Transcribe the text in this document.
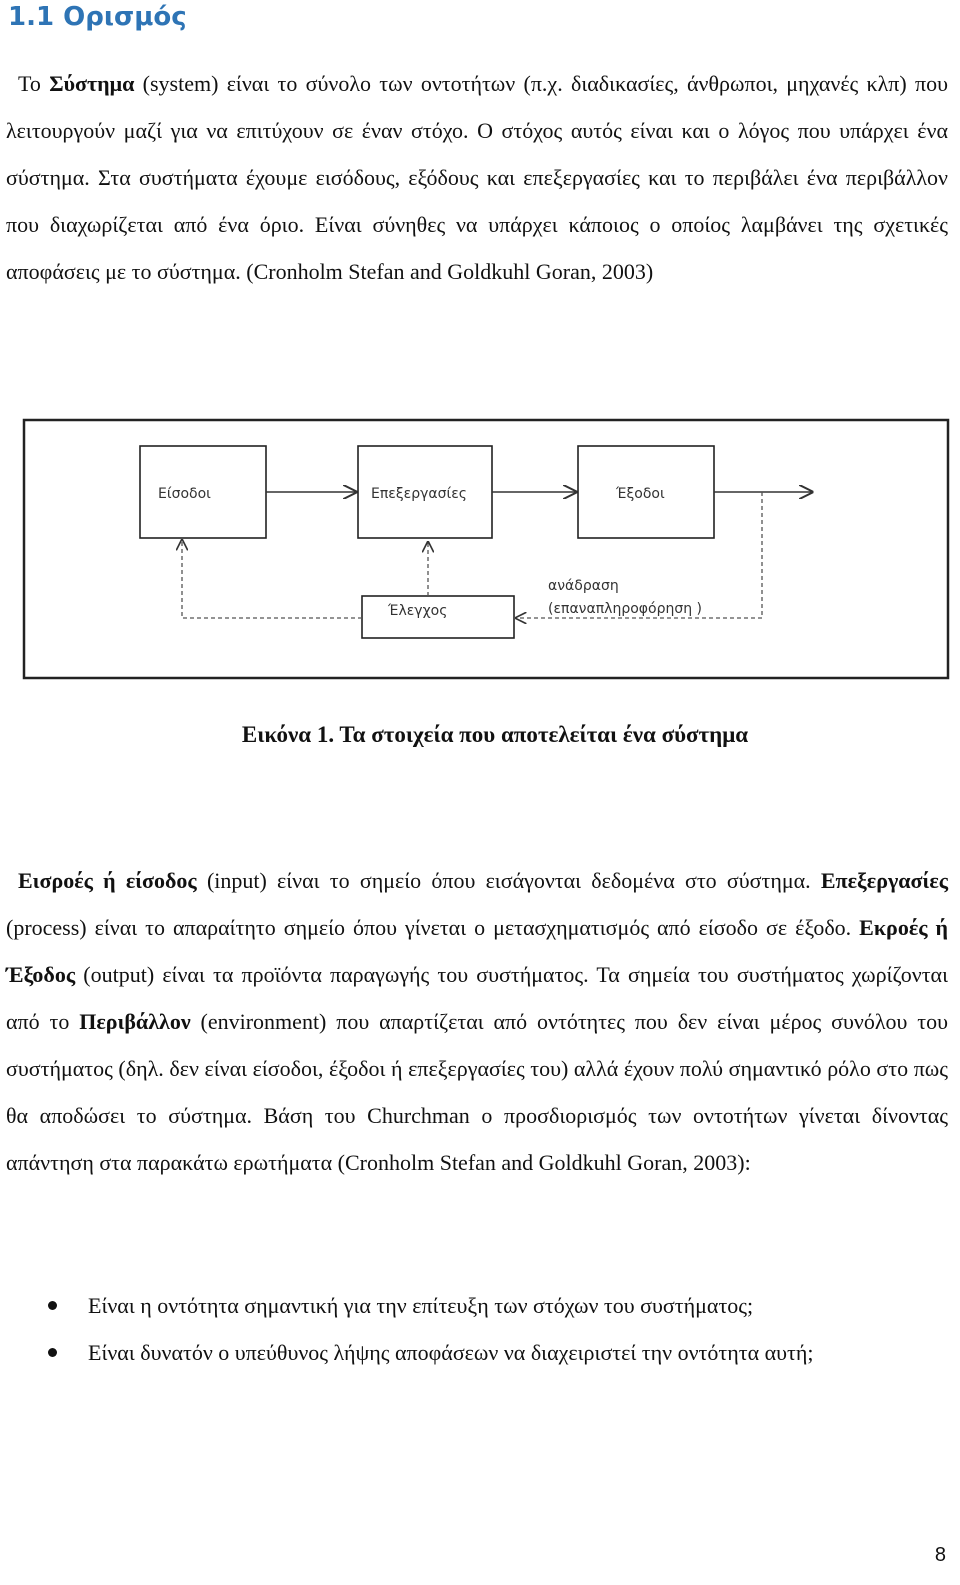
1.1 Ορισμός

Το Σύστημα (system) είναι το σύνολο των οντοτήτων (π.χ. διαδικασίες, άνθρωποι, μηχανές κλπ) που λειτουργούν μαζί για να επιτύχουν σε έναν στόχο. Ο στόχος αυτός είναι και ο λόγος που υπάρχει ένα σύστημα. Στα συστήματα έχουμε εισόδους, εξόδους και επεξεργασίες και το περιβάλει ένα περιβάλλον που διαχωρίζεται από ένα όριο. Είναι σύνηθες να υπάρχει κάποιος ο οποίος λαμβάνει της σχετικές αποφάσεις με το σύστημα. (Cronholm Stefan and Goldkuhl Goran, 2003)

Είσοδοι	Επεξεργασίες	Έξοδοι
Έλεγχος
ανάδραση
(επαναπληροφόρηση )
Εικόνα 1. Τα στοιχεία που αποτελείται ένα σύστημα

Εισροές ή είσοδος (input) είναι το σημείο όπου εισάγονται δεδομένα στο σύστημα. Επεξεργασίες (process) είναι το απαραίτητο σημείο όπου γίνεται ο μετασχηματισμός από είσοδο σε έξοδο. Εκροές ή Έξοδος (output) είναι τα προϊόντα παραγωγής του συστήματος. Τα σημεία του συστήματος χωρίζονται από το Περιβάλλον (environment) που απαρτίζεται από οντότητες που δεν είναι μέρος συνόλου του συστήματος (δηλ. δεν είναι είσοδοι, έξοδοι ή επεξεργασίες του) αλλά έχουν πολύ σημαντικό ρόλο στο πως θα αποδώσει το σύστημα. Βάση του Churchman ο προσδιορισμός των οντοτήτων γίνεται δίνοντας απάντηση στα παρακάτω ερωτήματα (Cronholm Stefan and Goldkuhl Goran, 2003):

Είναι η οντότητα σημαντική για την επίτευξη των στόχων του συστήματος;
Είναι δυνατόν ο υπεύθυνος λήψης αποφάσεων να διαχειριστεί την οντότητα αυτή;
8
